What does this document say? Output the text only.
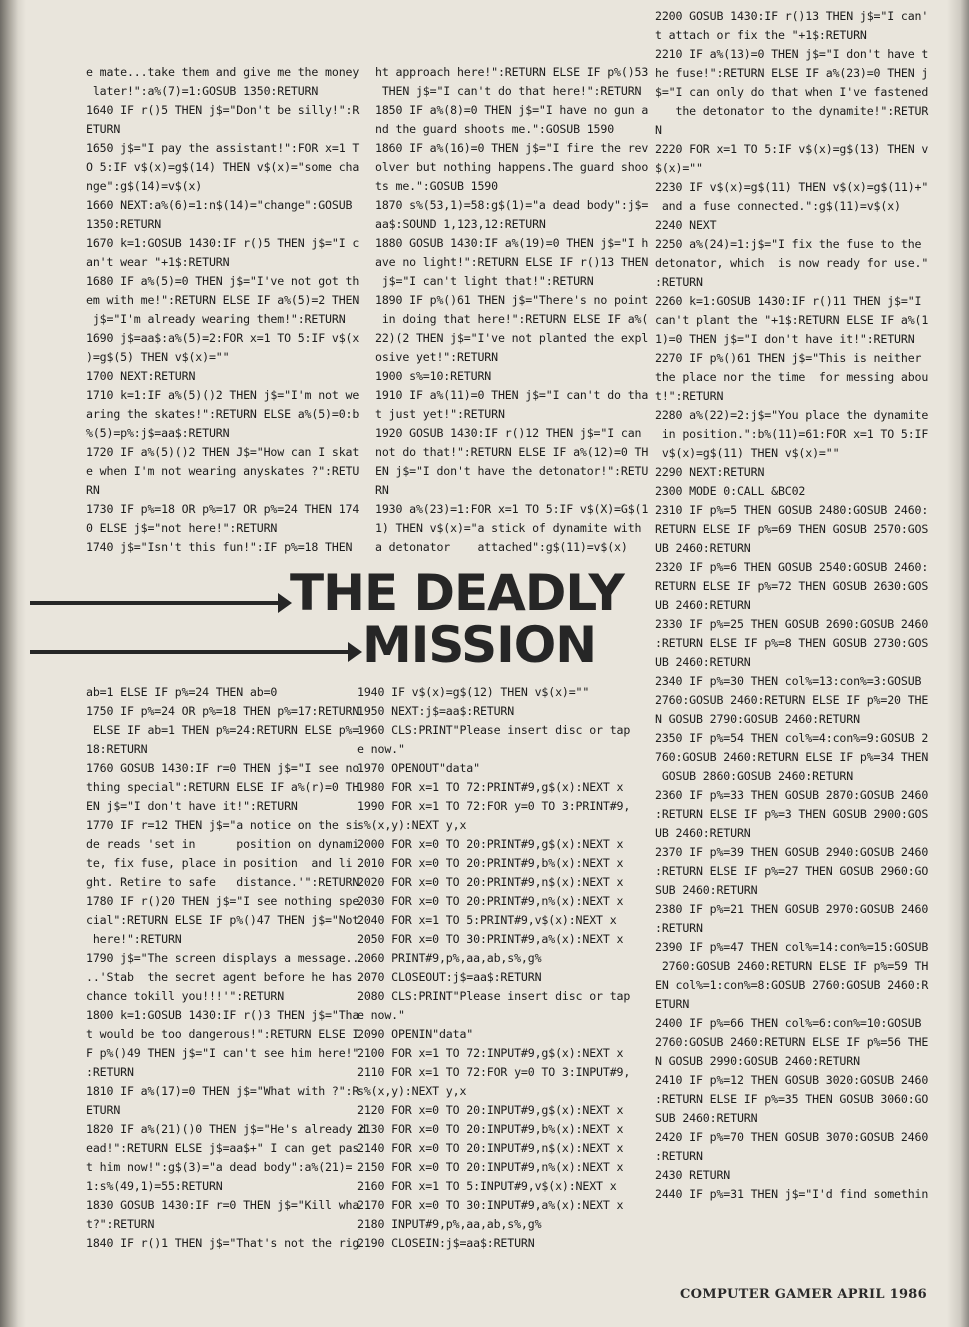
e mate...take them and give me the money
later!":a%(7)=1:GOSUB 1350:RETURN
1640 IF r()5 THEN j$="Don't be silly!":R
ETURN
1650 j$="I pay the assistant!":FOR x=1 T
O 5:IF v$(x)=g$(14) THEN v$(x)="some cha
nge":g$(14)=v$(x)
1660 NEXT:a%(6)=1:n$(14)="change":GOSUB
1350:RETURN
1670 k=1:GOSUB 1430:IF r()5 THEN j$="I c
an't wear "+1$:RETURN
1680 IF a%(5)=0 THEN j$="I've not got th
em with me!":RETURN ELSE IF a%(5)=2 THEN
j$="I'm already wearing them!":RETURN
1690 j$=aa$:a%(5)=2:FOR x=1 TO 5:IF v$(x
)=g$(5) THEN v$(x)=""
1700 NEXT:RETURN
1710 k=1:IF a%(5)()2 THEN j$="I'm not we
aring the skates!":RETURN ELSE a%(5)=0:b
%(5)=p%:j$=aa$:RETURN
1720 IF a%(5)()2 THEN J$="How can I skat
e when I'm not wearing anyskates ?":RETU
RN
1730 IF p%=18 OR p%=17 OR p%=24 THEN 174
0 ELSE j$="not here!":RETURN
1740 j$="Isn't this fun!":IF p%=18 THEN
ht approach here!":RETURN ELSE IF p%()53
THEN j$="I can't do that here!":RETURN
1850 IF a%(8)=0 THEN j$="I have no gun a
nd the guard shoots me.":GOSUB 1590
1860 IF a%(16)=0 THEN j$="I fire the rev
olver but nothing happens.The guard shoo
ts me.":GOSUB 1590
1870 s%(53,1)=58:g$(1)="a dead body":j$=
aa$:SOUND 1,123,12:RETURN
1880 GOSUB 1430:IF a%(19)=0 THEN j$="I h
ave no light!":RETURN ELSE IF r()13 THEN
j$="I can't light that!":RETURN
1890 IF p%()61 THEN j$="There's no point
in doing that here!":RETURN ELSE IF a%(
22)(2 THEN j$="I've not planted the expl
osive yet!":RETURN
1900 s%=10:RETURN
1910 IF a%(11)=0 THEN j$="I can't do tha
t just yet!":RETURN
1920 GOSUB 1430:IF r()12 THEN j$="I can
not do that!":RETURN ELSE IF a%(12)=0 TH
EN j$="I don't have the detonator!":RETU
RN
1930 a%(23)=1:FOR x=1 TO 5:IF v$(X)=G$(1
1) THEN v$(x)="a stick of dynamite with
a detonator    attached":g$(11)=v$(x)
2200 GOSUB 1430:IF r()13 THEN j$="I can'
t attach or fix the "+1$:RETURN
2210 IF a%(13)=0 THEN j$="I don't have t
he fuse!":RETURN ELSE IF a%(23)=0 THEN j
$="I can only do that when I've fastened
the detonator to the dynamite!":RETUR
N
2220 FOR x=1 TO 5:IF v$(x)=g$(13) THEN v
$(x)=""
2230 IF v$(x)=g$(11) THEN v$(x)=g$(11)+"
and a fuse connected.":g$(11)=v$(x)
2240 NEXT
2250 a%(24)=1:j$="I fix the fuse to the
detonator, which  is now ready for use."
:RETURN
2260 k=1:GOSUB 1430:IF r()11 THEN j$="I
can't plant the "+1$:RETURN ELSE IF a%(1
1)=0 THEN j$="I don't have it!":RETURN
2270 IF p%()61 THEN j$="This is neither
the place nor the time  for messing abou
t!":RETURN
2280 a%(22)=2:j$="You place the dynamite
in position.":b%(11)=61:FOR x=1 TO 5:IF
v$(x)=g$(11) THEN v$(x)=""
2290 NEXT:RETURN
2300 MODE 0:CALL &BC02
2310 IF p%=5 THEN GOSUB 2480:GOSUB 2460:
RETURN ELSE IF p%=69 THEN GOSUB 2570:GOS
UB 2460:RETURN
2320 IF p%=6 THEN GOSUB 2540:GOSUB 2460:
RETURN ELSE IF p%=72 THEN GOSUB 2630:GOS
UB 2460:RETURN
2330 IF p%=25 THEN GOSUB 2690:GOSUB 2460
:RETURN ELSE IF p%=8 THEN GOSUB 2730:GOS
UB 2460:RETURN
2340 IF p%=30 THEN col%=13:con%=3:GOSUB
2760:GOSUB 2460:RETURN ELSE IF p%=20 THE
N GOSUB 2790:GOSUB 2460:RETURN
2350 IF p%=54 THEN col%=4:con%=9:GOSUB 2
760:GOSUB 2460:RETURN ELSE IF p%=34 THEN
GOSUB 2860:GOSUB 2460:RETURN
2360 IF p%=33 THEN GOSUB 2870:GOSUB 2460
:RETURN ELSE IF p%=3 THEN GOSUB 2900:GOS
UB 2460:RETURN
2370 IF p%=39 THEN GOSUB 2940:GOSUB 2460
:RETURN ELSE IF p%=27 THEN GOSUB 2960:GO
SUB 2460:RETURN
2380 IF p%=21 THEN GOSUB 2970:GOSUB 2460
:RETURN
2390 IF p%=47 THEN col%=14:con%=15:GOSUB
2760:GOSUB 2460:RETURN ELSE IF p%=59 TH
EN col%=1:con%=8:GOSUB 2760:GOSUB 2460:R
ETURN
2400 IF p%=66 THEN col%=6:con%=10:GOSUB
2760:GOSUB 2460:RETURN ELSE IF p%=56 THE
N GOSUB 2990:GOSUB 2460:RETURN
2410 IF p%=12 THEN GOSUB 3020:GOSUB 2460
:RETURN ELSE IF p%=35 THEN GOSUB 3060:GO
SUB 2460:RETURN
2420 IF p%=70 THEN GOSUB 3070:GOSUB 2460
:RETURN
2430 RETURN
2440 IF p%=31 THEN j$="I'd find somethin
THE DEADLY
MISSION
ab=1 ELSE IF p%=24 THEN ab=0
1750 IF p%=24 OR p%=18 THEN p%=17:RETURN
ELSE IF ab=1 THEN p%=24:RETURN ELSE p%=
18:RETURN
1760 GOSUB 1430:IF r=0 THEN j$="I see no
thing special":RETURN ELSE IF a%(r)=0 TH
EN j$="I don't have it!":RETURN
1770 IF r=12 THEN j$="a notice on the si
de reads 'set in      position on dynami
te, fix fuse, place in position  and li
ght. Retire to safe   distance.'":RETURN
1780 IF r()20 THEN j$="I see nothing spe
cial":RETURN ELSE IF p%()47 THEN j$="Not
here!":RETURN
1790 j$="The screen displays a message..
..'Stab  the secret agent before he has
chance tokill you!!!'":RETURN
1800 k=1:GOSUB 1430:IF r()3 THEN j$="Tha
t would be too dangerous!":RETURN ELSE I
F p%()49 THEN j$="I can't see him here!"
:RETURN
1810 IF a%(17)=0 THEN j$="What with ?":R
ETURN
1820 IF a%(21)()0 THEN j$="He's already d
ead!":RETURN ELSE j$=aa$+" I can get pas
t him now!":g$(3)="a dead body":a%(21)=
1:s%(49,1)=55:RETURN
1830 GOSUB 1430:IF r=0 THEN j$="Kill wha
t?":RETURN
1840 IF r()1 THEN j$="That's not the rig
1940 IF v$(x)=g$(12) THEN v$(x)=""
1950 NEXT:j$=aa$:RETURN
1960 CLS:PRINT"Please insert disc or tap
e now."
1970 OPENOUT"data"
1980 FOR x=1 TO 72:PRINT#9,g$(x):NEXT x
1990 FOR x=1 TO 72:FOR y=0 TO 3:PRINT#9,
s%(x,y):NEXT y,x
2000 FOR x=0 TO 20:PRINT#9,g$(x):NEXT x
2010 FOR x=0 TO 20:PRINT#9,b%(x):NEXT x
2020 FOR x=0 TO 20:PRINT#9,n$(x):NEXT x
2030 FOR x=0 TO 20:PRINT#9,n%(x):NEXT x
2040 FOR x=1 TO 5:PRINT#9,v$(x):NEXT x
2050 FOR x=0 TO 30:PRINT#9,a%(x):NEXT x
2060 PRINT#9,p%,aa,ab,s%,g%
2070 CLOSEOUT:j$=aa$:RETURN
2080 CLS:PRINT"Please insert disc or tap
e now."
2090 OPENIN"data"
2100 FOR x=1 TO 72:INPUT#9,g$(x):NEXT x
2110 FOR x=1 TO 72:FOR y=0 TO 3:INPUT#9,
s%(x,y):NEXT y,x
2120 FOR x=0 TO 20:INPUT#9,g$(x):NEXT x
2130 FOR x=0 TO 20:INPUT#9,b%(x):NEXT x
2140 FOR x=0 TO 20:INPUT#9,n$(x):NEXT x
2150 FOR x=0 TO 20:INPUT#9,n%(x):NEXT x
2160 FOR x=1 TO 5:INPUT#9,v$(x):NEXT x
2170 FOR x=0 TO 30:INPUT#9,a%(x):NEXT x
2180 INPUT#9,p%,aa,ab,s%,g%
2190 CLOSEIN:j$=aa$:RETURN
COMPUTER GAMER APRIL 1986
